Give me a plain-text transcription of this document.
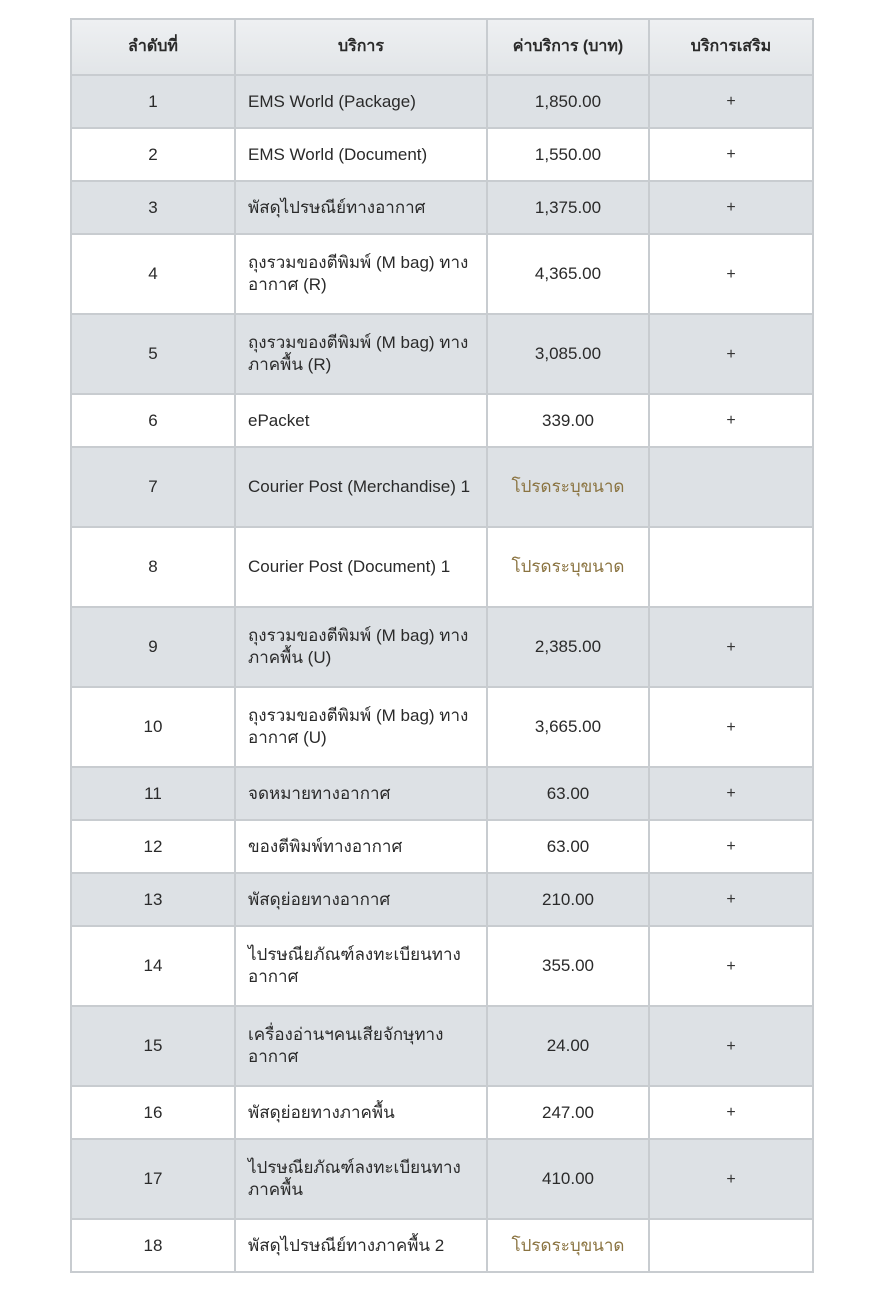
ลำดับที่	บริการ	ค่าบริการ (บาท)	บริการเสริม
1	EMS World (Package)	1,850.00	+
2	EMS World (Document)	1,550.00	+
3	พัสดุไปรษณีย์ทางอากาศ	1,375.00	+
4	ถุงรวมของตีพิมพ์ (M bag) ทางอากาศ (R)	4,365.00	+
5	ถุงรวมของตีพิมพ์ (M bag) ทางภาคพื้น (R)	3,085.00	+
6	ePacket	339.00	+
7	Courier Post (Merchandise) 1	โปรดระบุขนาด	
8	Courier Post (Document) 1	โปรดระบุขนาด	
9	ถุงรวมของตีพิมพ์ (M bag) ทางภาคพื้น (U)	2,385.00	+
10	ถุงรวมของตีพิมพ์ (M bag) ทางอากาศ (U)	3,665.00	+
11	จดหมายทางอากาศ	63.00	+
12	ของตีพิมพ์ทางอากาศ	63.00	+
13	พัสดุย่อยทางอากาศ	210.00	+
14	ไปรษณียภัณฑ์ลงทะเบียนทาง อากาศ	355.00	+
15	เครื่องอ่านฯคนเสียจักษุทาง อากาศ	24.00	+
16	พัสดุย่อยทางภาคพื้น	247.00	+
17	ไปรษณียภัณฑ์ลงทะเบียนทาง ภาคพื้น	410.00	+
18	พัสดุไปรษณีย์ทางภาคพื้น 2	โปรดระบุขนาด	
